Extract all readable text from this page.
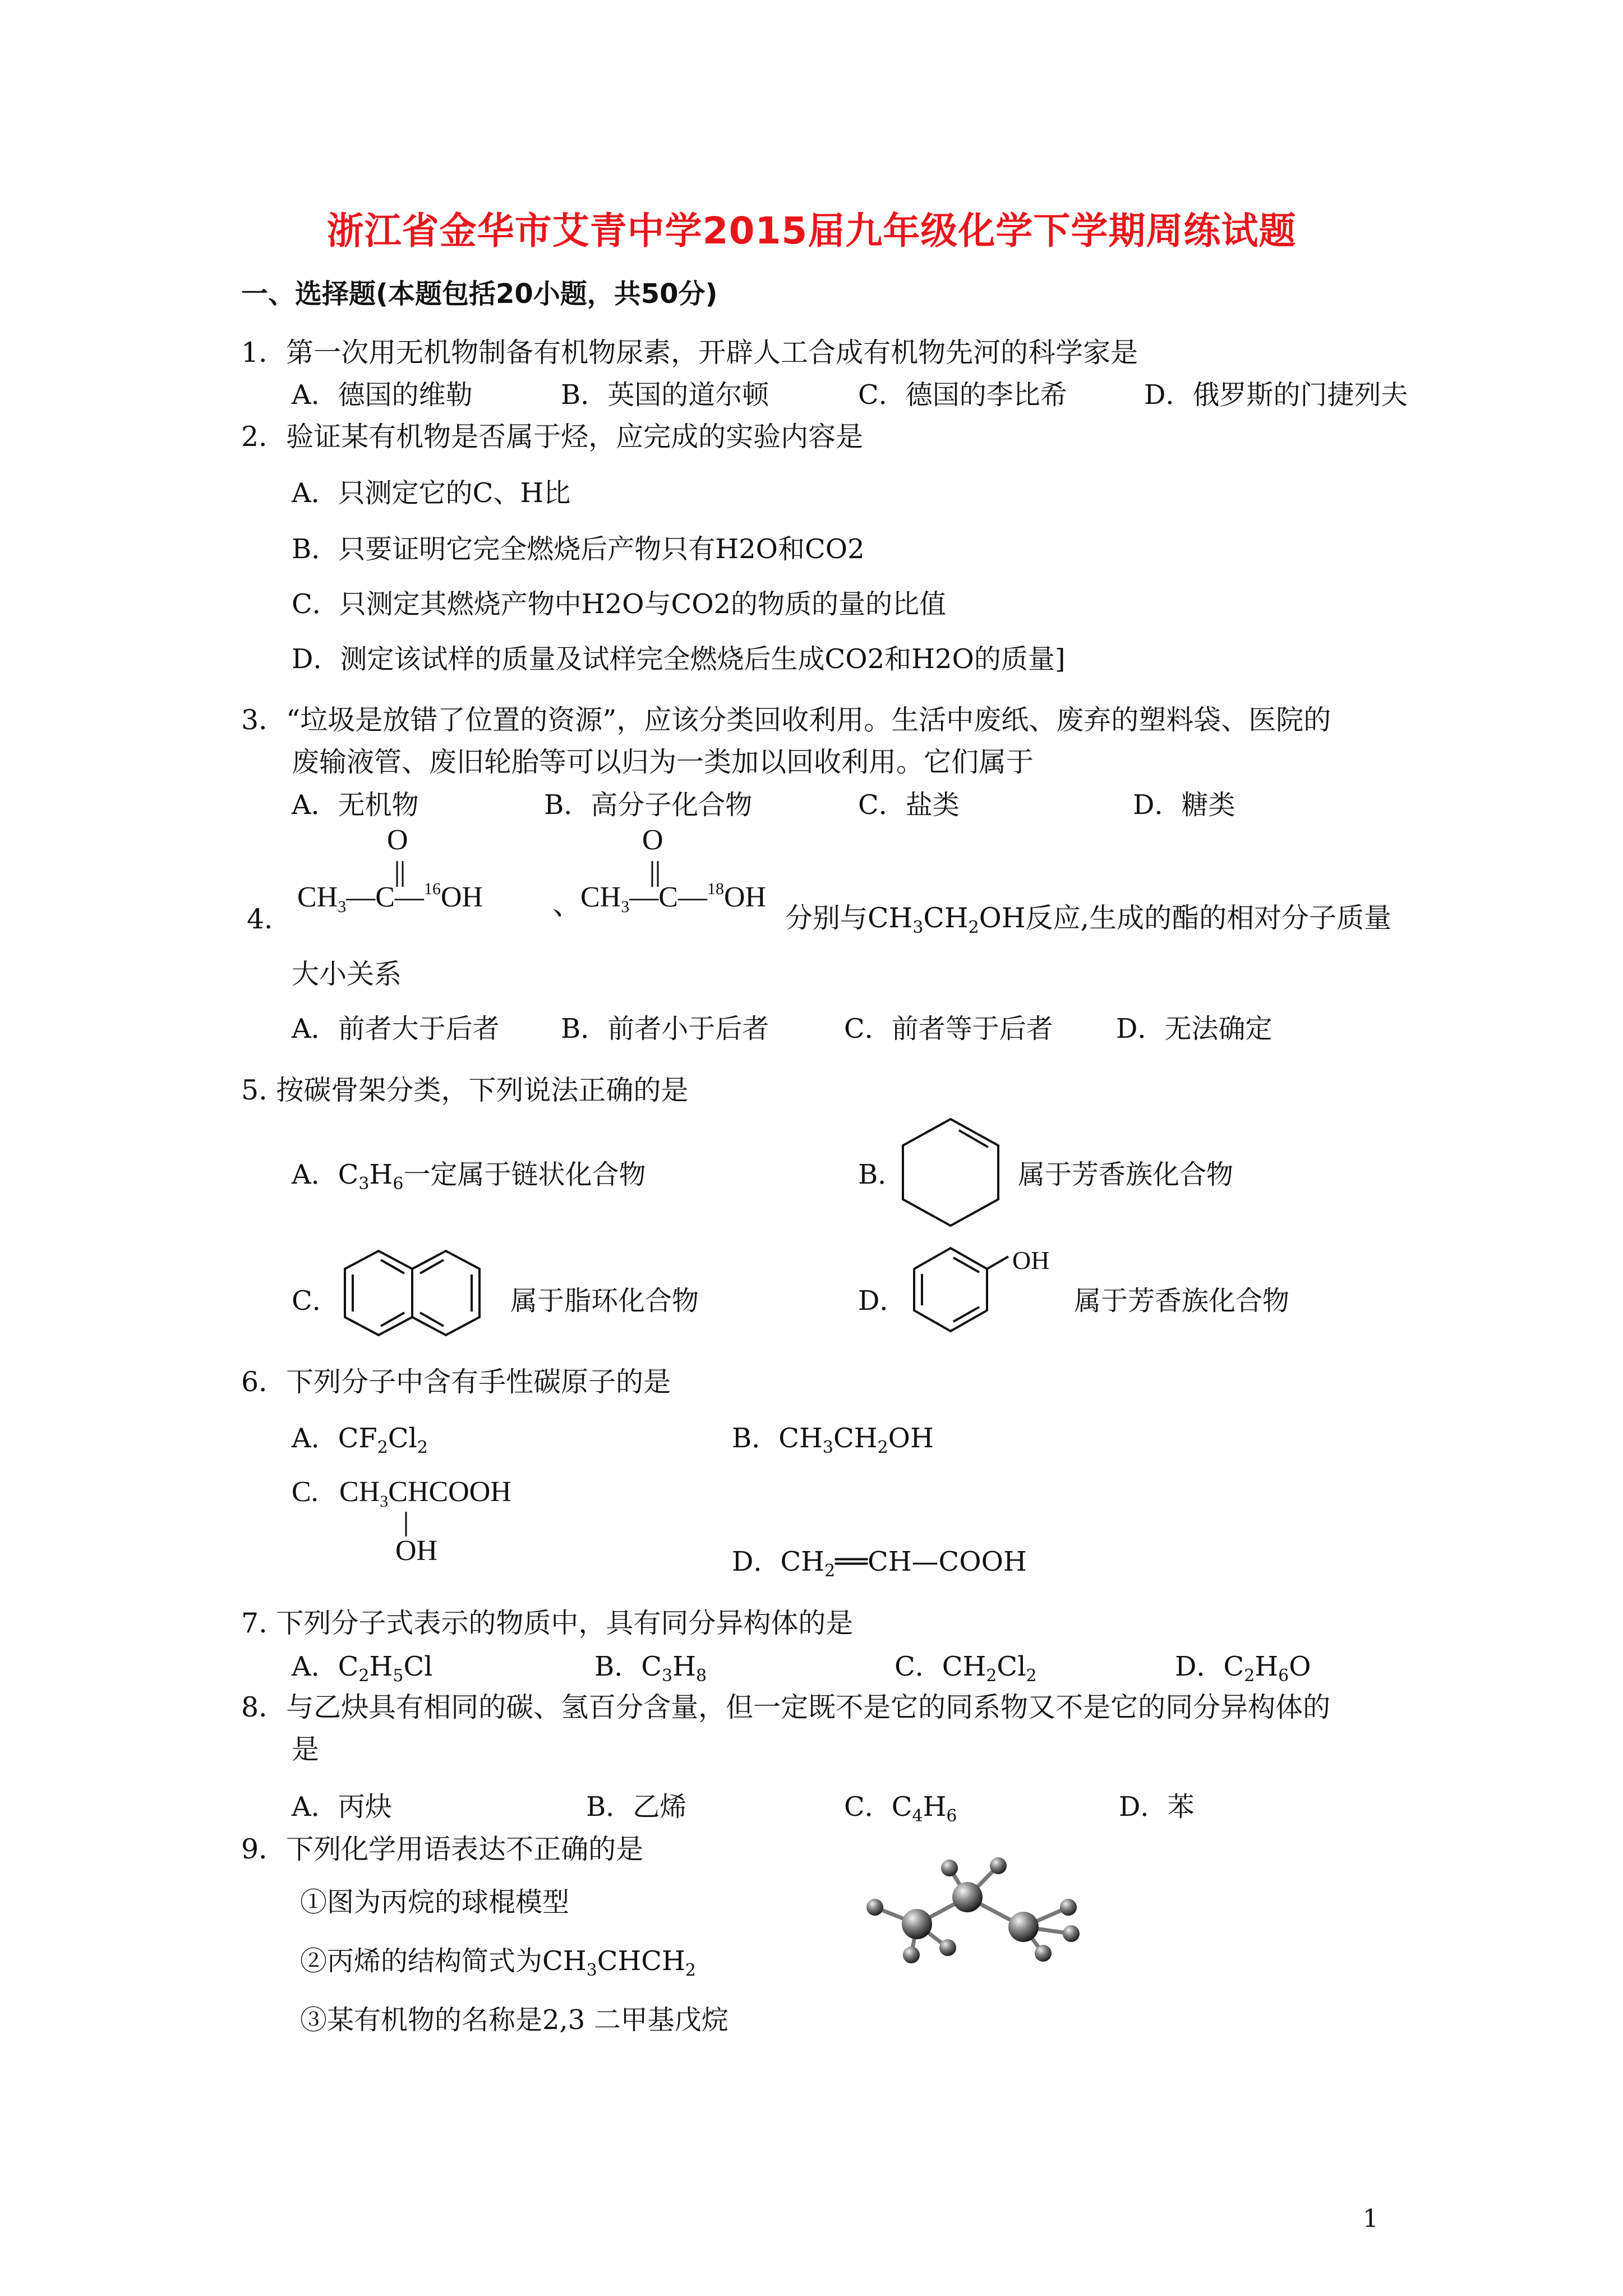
浙江省金华市艾青中学2015届九年级化学下学期周练试题
一、选择题(本题包括20小题，共50分)
1．第一次用无机物制备有机物尿素，开辟人工合成有机物先河的科学家是
A．德国的维勒	B．英国的道尔顿	C．德国的李比希	D．俄罗斯的门捷列夫
2．验证某有机物是否属于烃，应完成的实验内容是
A．只测定它的C、H比
B．只要证明它完全燃烧后产物只有H2O和CO2
C．只测定其燃烧产物中H2O与CO2的物质的量的比值
D．测定该试样的质量及试样完全燃烧后生成CO2和H2O的质量]
3．“垃圾是放错了位置的资源”，应该分类回收利用。生活中废纸、废弃的塑料袋、医院的
废输液管、废旧轮胎等可以归为一类加以回收利用。它们属于
A．无机物	B．高分子化合物	C．盐类	D．糖类
4．
O
$CH_3—C—^{16}OH$ 、
O
$CH_3—C—^{18}OH$
分别与$CH_3CH_2OH$反应,生成的酯的相对分子质量
大小关系
A．前者大于后者 B．前者小于后者	C．前者等于后者 D．无法确定
5. 按碳骨架分类，下列说法正确的是
A．$C_3H_6$一定属于链状化合物	B．	属于芳香族化合物
C．	属于脂环化合物	D．
OH
属于芳香族化合物
6．下列分子中含有手性碳原子的是
A．$CF_2Cl_2$	B．$CH_3CH_2OH$
C. $CH_3CHCOOH$
OH	D．$CH_2══CH—COOH$
7. 下列分子式表示的物质中，具有同分异构体的是
A．$C_2H_5Cl$	B．$C_3H_8$	C．$CH_2Cl_2$	D．$C_2H_6O$
8．与乙炔具有相同的碳、氢百分含量，但一定既不是它的同系物又不是它的同分异构体的
是
A．丙炔	B．乙烯	C．$C_4H_6$	D．苯
9．下列化学用语表达不正确的是
①图为丙烷的球棍模型
②丙烯的结构简式为$CH_3CHCH_2$
③某有机物的名称是2,3 二甲基戊烷
1
